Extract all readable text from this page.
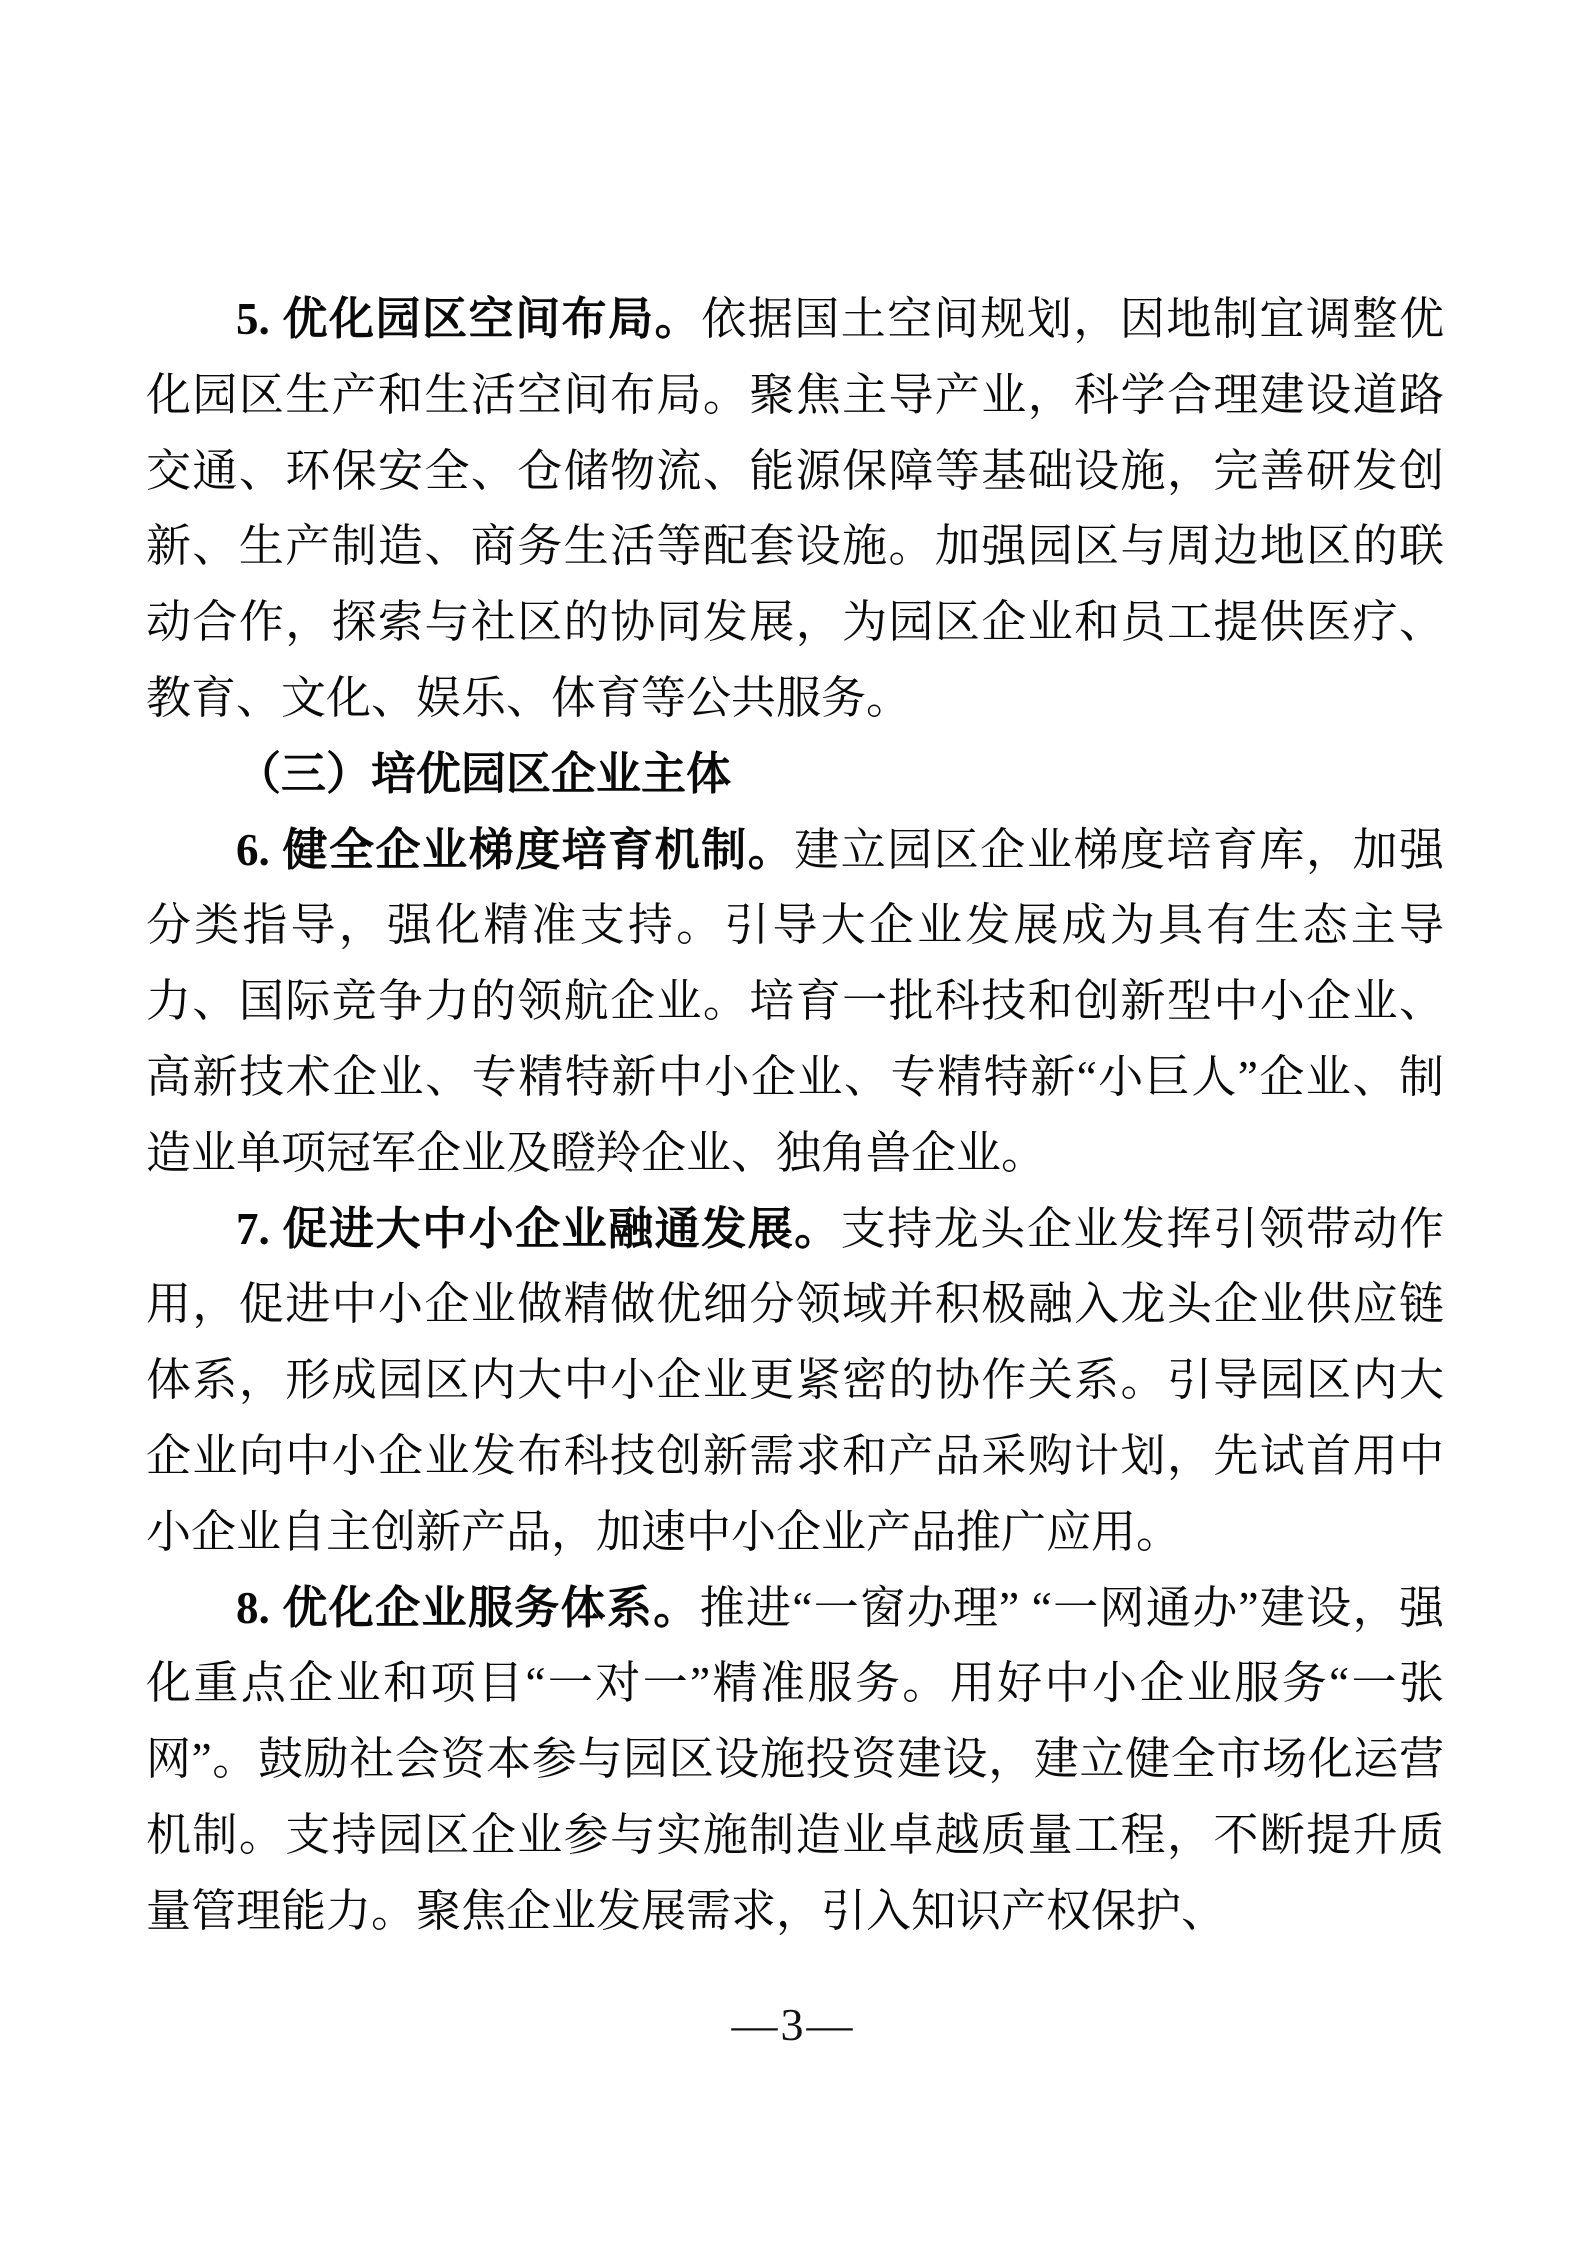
5. 优化园区空间布局。依据国土空间规划，因地制宜调整优化园区生产和生活空间布局。聚焦主导产业，科学合理建设道路交通、环保安全、仓储物流、能源保障等基础设施，完善研发创新、生产制造、商务生活等配套设施。加强园区与周边地区的联动合作，探索与社区的协同发展，为园区企业和员工提供医疗、教育、文化、娱乐、体育等公共服务。

（三）培优园区企业主体

6. 健全企业梯度培育机制。建立园区企业梯度培育库，加强分类指导，强化精准支持。引导大企业发展成为具有生态主导力、国际竞争力的领航企业。培育一批科技和创新型中小企业、高新技术企业、专精特新中小企业、专精特新“小巨人”企业、制造业单项冠军企业及瞪羚企业、独角兽企业。

7. 促进大中小企业融通发展。支持龙头企业发挥引领带动作用，促进中小企业做精做优细分领域并积极融入龙头企业供应链体系，形成园区内大中小企业更紧密的协作关系。引导园区内大企业向中小企业发布科技创新需求和产品采购计划，先试首用中小企业自主创新产品，加速中小企业产品推广应用。

8. 优化企业服务体系。推进“一窗办理” “一网通办”建设，强化重点企业和项目“一对一”精准服务。用好中小企业服务“一张网”。鼓励社会资本参与园区设施投资建设，建立健全市场化运营机制。支持园区企业参与实施制造业卓越质量工程，不断提升质量管理能力。聚焦企业发展需求，引入知识产权保护、

—3—
